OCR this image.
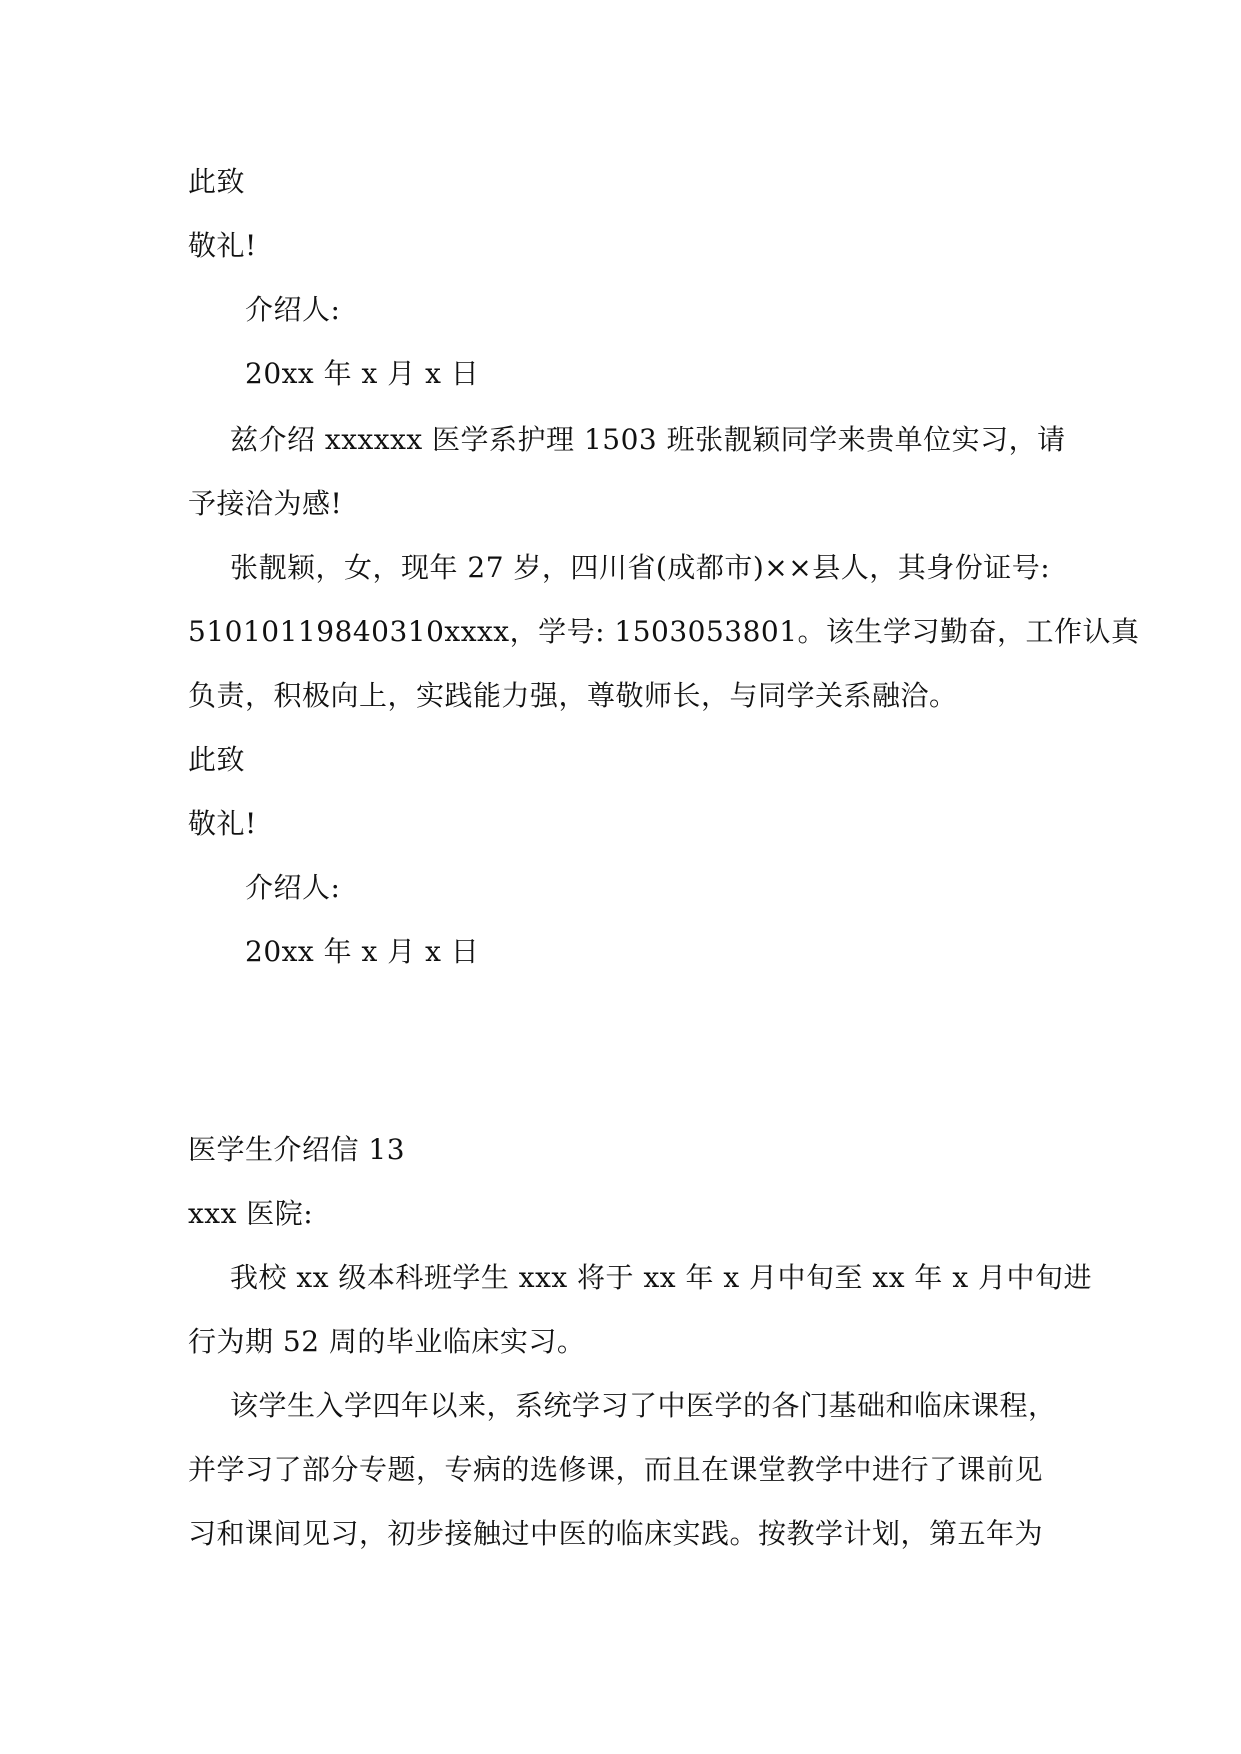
此致
敬礼!
介绍人:
20xx 年 x 月 x 日
兹介绍 xxxxxx 医学系护理 1503 班张靓颖同学来贵单位实习，请
予接洽为感!
张靓颖，女，现年 27 岁，四川省(成都市)××县人，其身份证号:
51010119840310xxxx，学号: 1503053801。该生学习勤奋，工作认真
负责，积极向上，实践能力强，尊敬师长，与同学关系融洽。
此致
敬礼!
介绍人:
20xx 年 x 月 x 日
医学生介绍信 13
xxx 医院:
我校 xx 级本科班学生 xxx 将于 xx 年 x 月中旬至 xx 年 x 月中旬进
行为期 52 周的毕业临床实习。
该学生入学四年以来，系统学习了中医学的各门基础和临床课程，
并学习了部分专题，专病的选修课，而且在课堂教学中进行了课前见
习和课间见习，初步接触过中医的临床实践。按教学计划，第五年为
